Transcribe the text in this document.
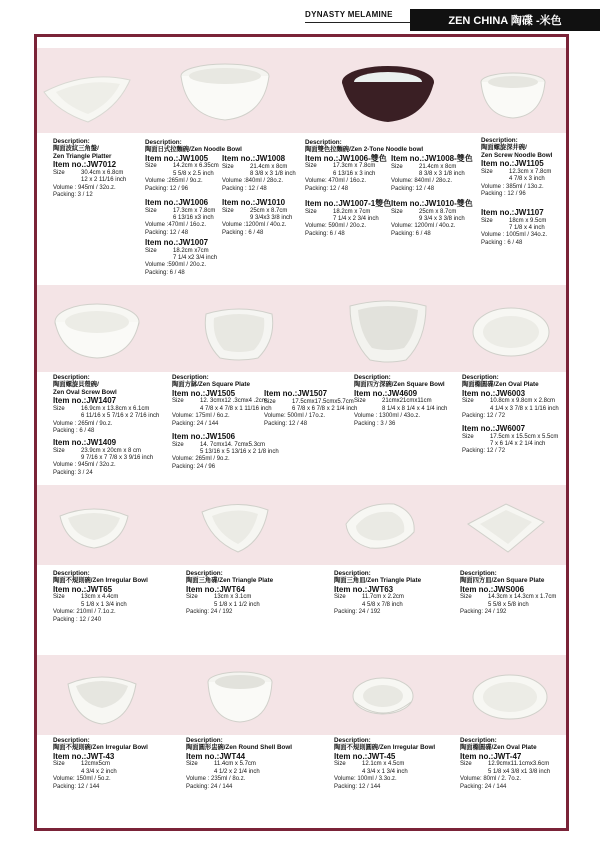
DYNASTY MELAMINE
ZEN CHINA 陶碟 -米色
Description:
陶面波紋三角盤/
Zen Triangle Platter
Item no.:JW7012
Size	30.4cm x 6.8cm
12 x 2 11/16 inch
Volume : 945ml / 32o.z.
Packing: 3 / 12
Description:
陶面日式拉麵碗/Zen Noodle Bowl
Item no.:JW1005
Size	14.2cm x 6.35cm
5 5/8 x 2.5 inch
Volume :265ml / 9o.z.
Packing: 12 / 96
Item no.:JW1008
Size	21.4cm x 8cm
8 3/8 x 3 1/8 inch
Volume :840ml / 28o.z.
Packing : 12 / 48
Item no.:JW1006
Size	17.3cm x 7.8cm
6 13/16 x3 inch
Volume :470ml / 16o.z.
Packing: 12 / 48
Item no.:JW1010
Size	25cm x 8.7cm
9 3/4x3 3/8 inch
Volume :1200ml / 40o.z.
Packing : 6 / 48
Item no.:JW1007
Size	18.2cm x7cm
7 1/4 x2 3/4 inch
Volume :590ml / 20o.z.
Packing: 6 / 48
Description:
陶面雙色拉麵碗/Zen 2-Tone Noodle bowl
Item no.:JW1006-雙色
Size	17.3cm x 7.8cm
6 13/16 x 3 inch
Volume: 470ml / 16o.z.
Packing: 12 / 48
Item no.:JW1008-雙色
Size	21.4cm x 8cm
8 3/8 x 3 1/8 inch
Volume: 840ml / 28o.z.
Packing: 12 / 48
Item no.:JW1007-1雙色
Size	18.2cm x 7cm
7 1/4 x 2 3/4 inch
Volume: 590ml / 20o.z.
Packing: 6 / 48
Item no.:JW1010-雙色
Size	25cm x 8.7cm
9 3/4 x 3 3/8 inch
Volume: 1200ml / 40o.z.
Packing: 6 / 48
Description:
陶面螺旋深井碗/
Zen Screw Noodle Bowl
Item no.:JW1105
Size	12.3cm x 7.8cm
4 7/8 x 3 inch
Volume : 385ml / 13o.z.
Packing : 12 / 96
Item no.:JW1107
Size	18cm x 9.5cm
7 1/8 x 4 inch
Volume : 1005ml / 34o.z.
Packing : 6 / 48
Description:
陶面螺旋貝殼碗/
Zen Oval Screw Bowl
Item no.:JW1407
Size	16.9cm x 13.8cm x 6.1cm
6 11/16 x 5 7/16 x 2 7/16 inch
Volume : 265ml / 9o.z.
Packing : 6 / 48
Item no.:JW1409
Size	23.9cm x 20cm x 8 cm
9 7/16 x 7 7/8 x 3 9/16 inch
Volume : 945ml / 32o.z.
Packing: 3 / 24
Description:
陶面方缽/Zen Square Plate
Item no.:JW1505
Size	12. 3cmx12 .3cmx4 .2cm
4 7/8 x 4 7/8 x 1 11/16 inch
Volume: 175ml / 6o.z.
Packing: 24 / 144
Item no.:JW1507
Size	17.5cmx17.5cmx5.7cm
6 7/8 x 6 7/8 x 2 1/4 inch
Volume: 500ml / 17o.z.
Packing: 12 / 48
Item no.:JW1506
Size	14. 7cmx14. 7cmx5.3cm
5 13/16 x 5 13/16 x 2 1/8 inch
Volume: 265ml / 9o.z.
Packing: 24 / 96
Description:
陶面四方深碗/Zen Square Bowl
Item no.:JW4609
Size	21cmx21cmx11cm
8 1/4 x 8 1/4 x 4 1/4 inch
Volume : 1300ml / 43o.z.
Packing : 3 / 36
Description:
陶面橢圓碟/Zen Oval Plate
Item no.:JW6003
Size	10.8cm x 9.8cm x 2.8cm
4 1/4 x 3 7/8 x 1 1/16 inch
Packing: 12 / 72
Item no.:JW6007
Size	17.5cm x 15.5cm x 5.5cm
7 x 6 1/4 x 2 1/4 inch
Packing: 12 / 72
Description:
陶面不規則碗/Zen Irregular Bowl
Item no.:JWT65
Size	13cm x 4.4cm
5 1/8 x 1 3/4 inch
Volume: 210ml / 7.1o.z.
Packing : 12 / 240
Description:
陶面三角碟/Zen Triangle Plate
Item no.:JWT64
Size	13cm x 3.1cm
5 1/8 x 1 1/2 inch
Packing: 24 / 192
Description:
陶面三角皿/Zen Triangle Plate
Item no.:JWT63
Size	11.7cm x 2.2cm
4 5/8 x 7/8 inch
Packing: 24 / 192
Description:
陶面四方皿/Zen Square Plate
Item no.:JWS006
Size	14.3cm x 14.3cm x 1.7cm
5 5/8 x 5/8 inch
Packing: 24 / 192
Description:
陶面不規則碗/Zen Irregular Bowl
Item no.:JWT-43
Size	12cmx5cm
4 3/4 x 2 inch
Volume: 150ml / 5o.z.
Packing: 12 / 144
Description:
陶面圓形盅碗/Zen Round Shell Bowl
Item no.:JWT44
Size	11.4cm x 5.7cm
4 1/2 x 2 1/4 inch
Volume : 235ml / 8o.z.
Packing: 24 / 144
Description:
陶面不規則圓碗/Zen Irregular Bowl
Item no.:JWT-45
Size	12.1cm x 4.5cm
4 3/4 x 1 3/4 inch
Volume: 100ml / 3.3o.z.
Packing: 12 / 144
Description:
陶面橢圓碟/Zen Oval Plate
Item no.:JWT-47
Size	12.9cmx11.1cmx3.6cm
5 1/8 x4 3/8 x1 3/8 inch
Volume: 80ml / 2. 7o.z.
Packing: 24 / 144
